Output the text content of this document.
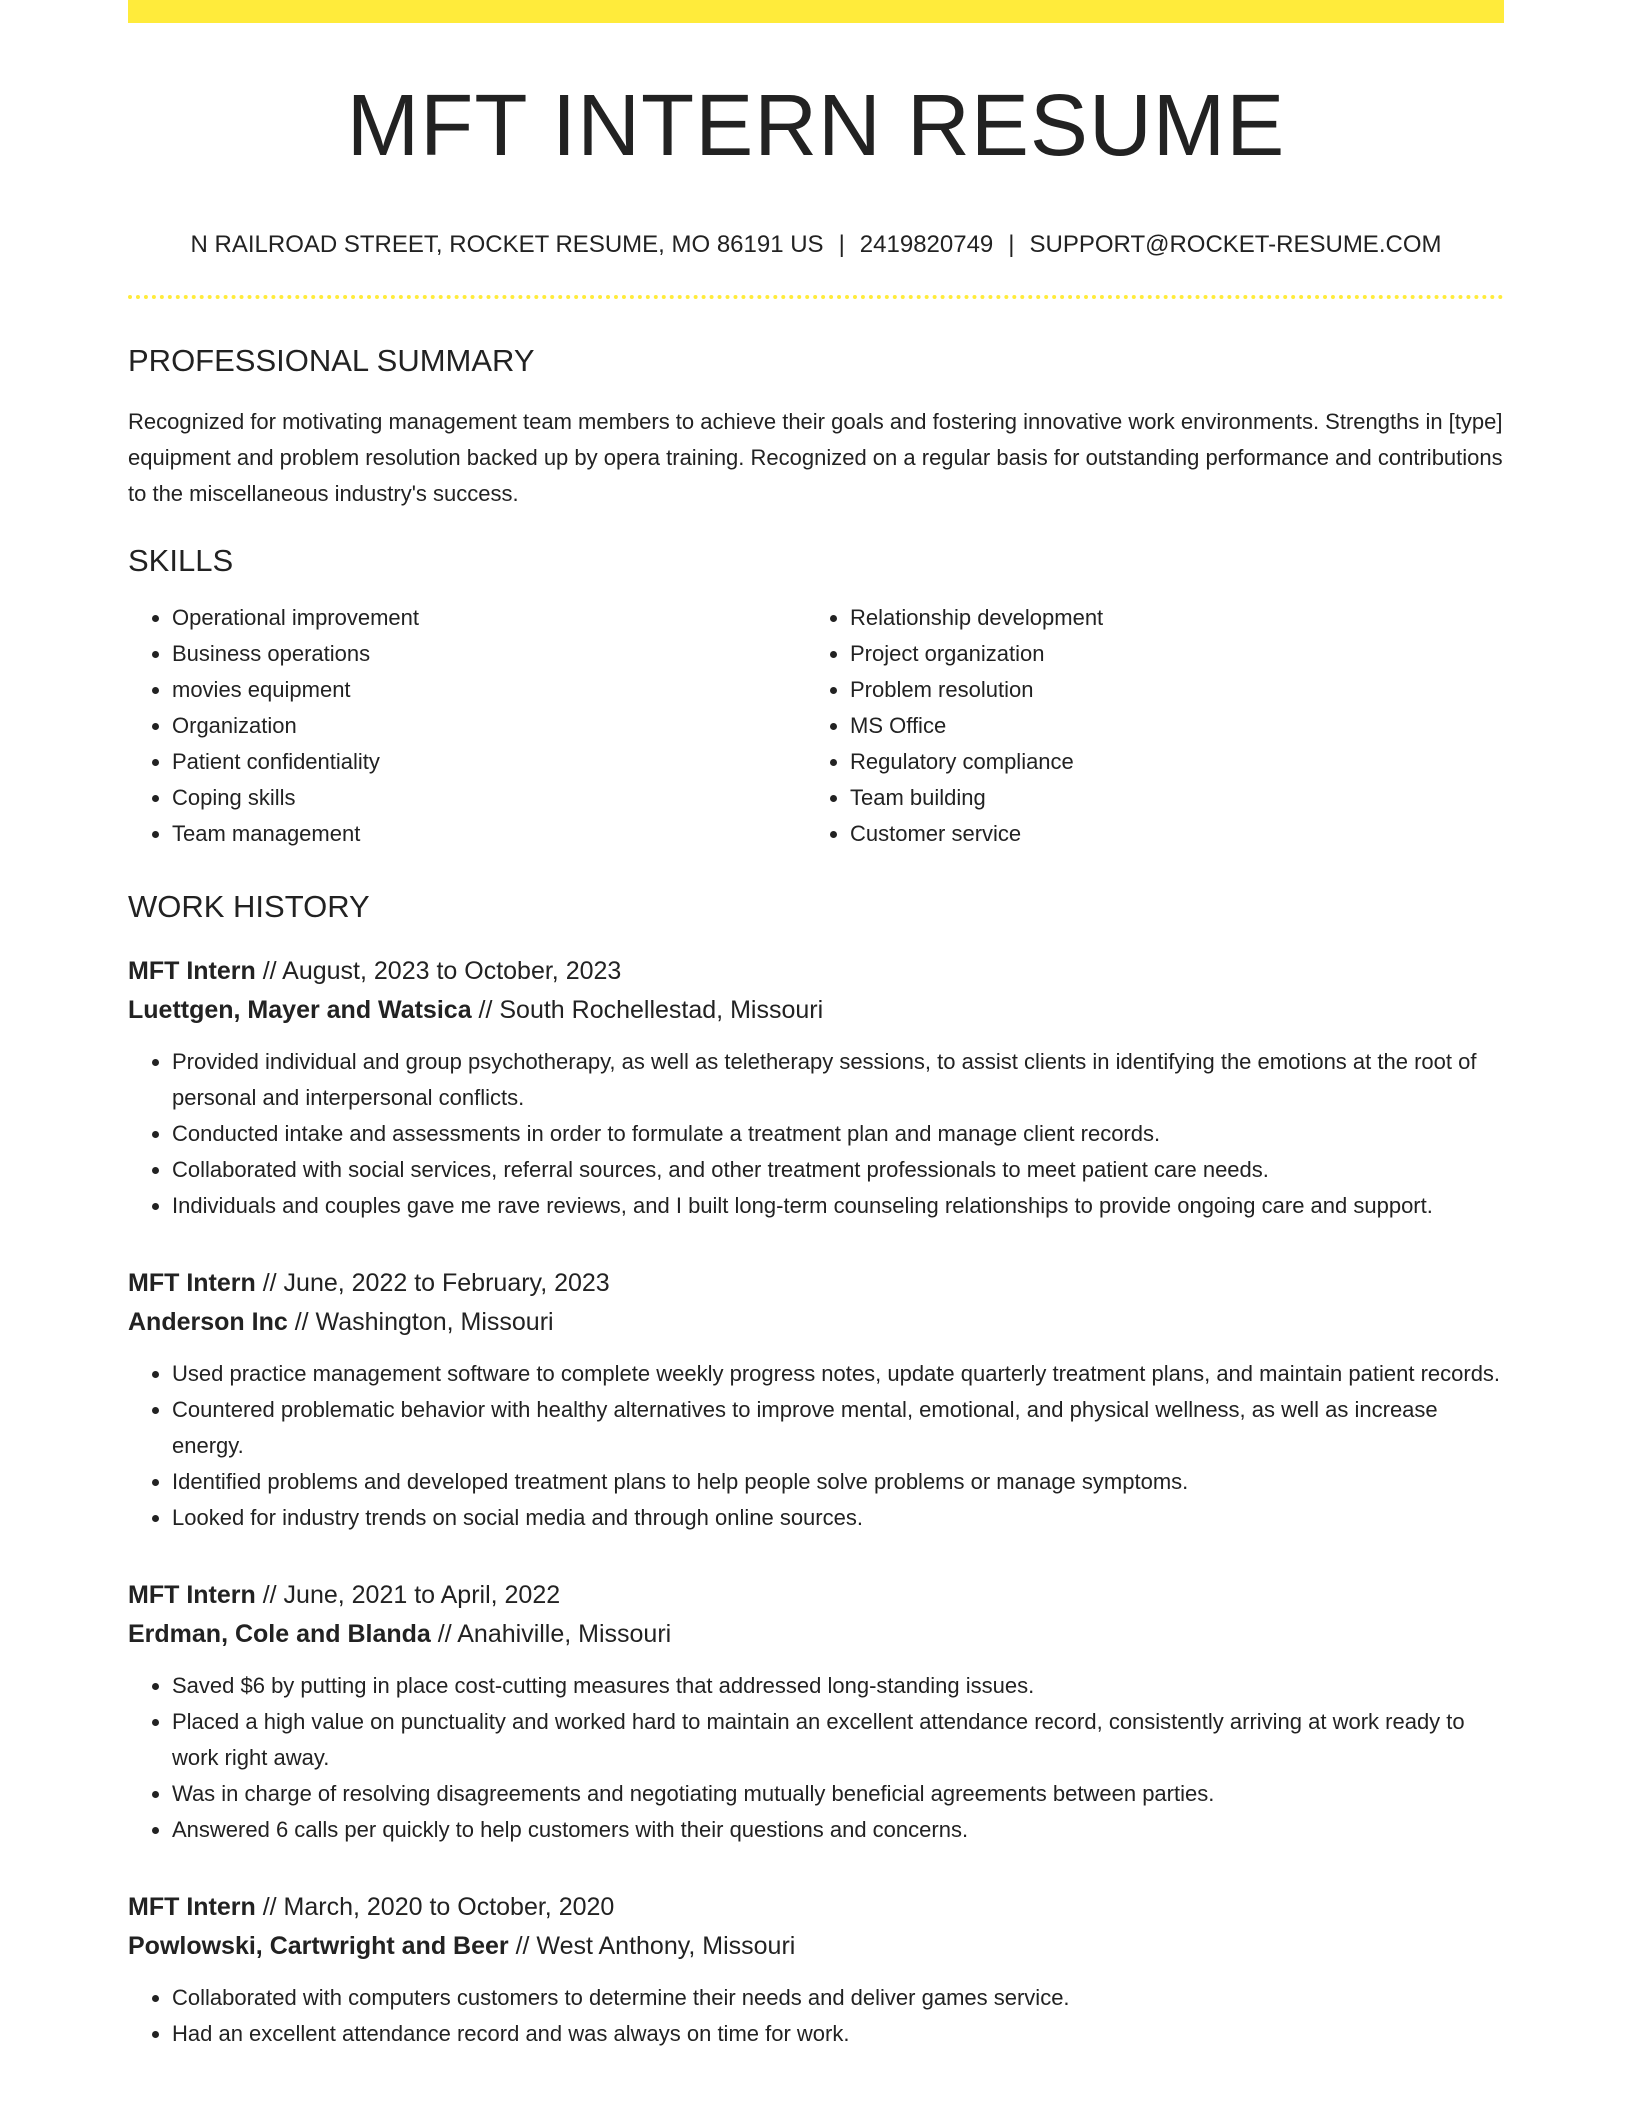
MFT INTERN RESUME
N RAILROAD STREET, ROCKET RESUME, MO 86191 US | 2419820749 | SUPPORT@ROCKET-RESUME.COM
PROFESSIONAL SUMMARY

Recognized for motivating management team members to achieve their goals and fostering innovative work environments. Strengths in [type] equipment and problem resolution backed up by opera training. Recognized on a regular basis for outstanding performance and contributions to the miscellaneous industry's success.

SKILLS
• Operational improvement
• Business operations
• movies equipment
• Organization
• Patient confidentiality
• Coping skills
• Team management
• Relationship development
• Project organization
• Problem resolution
• MS Office
• Regulatory compliance
• Team building
• Customer service
WORK HISTORY
MFT Intern // August, 2023 to October, 2023
Luettgen, Mayer and Watsica // South Rochellestad, Missouri
• Provided individual and group psychotherapy, as well as teletherapy sessions, to assist clients in identifying the emotions at the root of personal and interpersonal conflicts.
• Conducted intake and assessments in order to formulate a treatment plan and manage client records.
• Collaborated with social services, referral sources, and other treatment professionals to meet patient care needs.
• Individuals and couples gave me rave reviews, and I built long-term counseling relationships to provide ongoing care and support.
MFT Intern // June, 2022 to February, 2023
Anderson Inc // Washington, Missouri
• Used practice management software to complete weekly progress notes, update quarterly treatment plans, and maintain patient records.
• Countered problematic behavior with healthy alternatives to improve mental, emotional, and physical wellness, as well as increase energy.
• Identified problems and developed treatment plans to help people solve problems or manage symptoms.
• Looked for industry trends on social media and through online sources.
MFT Intern // June, 2021 to April, 2022
Erdman, Cole and Blanda // Anahiville, Missouri
• Saved $6 by putting in place cost-cutting measures that addressed long-standing issues.
• Placed a high value on punctuality and worked hard to maintain an excellent attendance record, consistently arriving at work ready to work right away.
• Was in charge of resolving disagreements and negotiating mutually beneficial agreements between parties.
• Answered 6 calls per quickly to help customers with their questions and concerns.
MFT Intern // March, 2020 to October, 2020
Powlowski, Cartwright and Beer // West Anthony, Missouri
• Collaborated with computers customers to determine their needs and deliver games service.
• Had an excellent attendance record and was always on time for work.
